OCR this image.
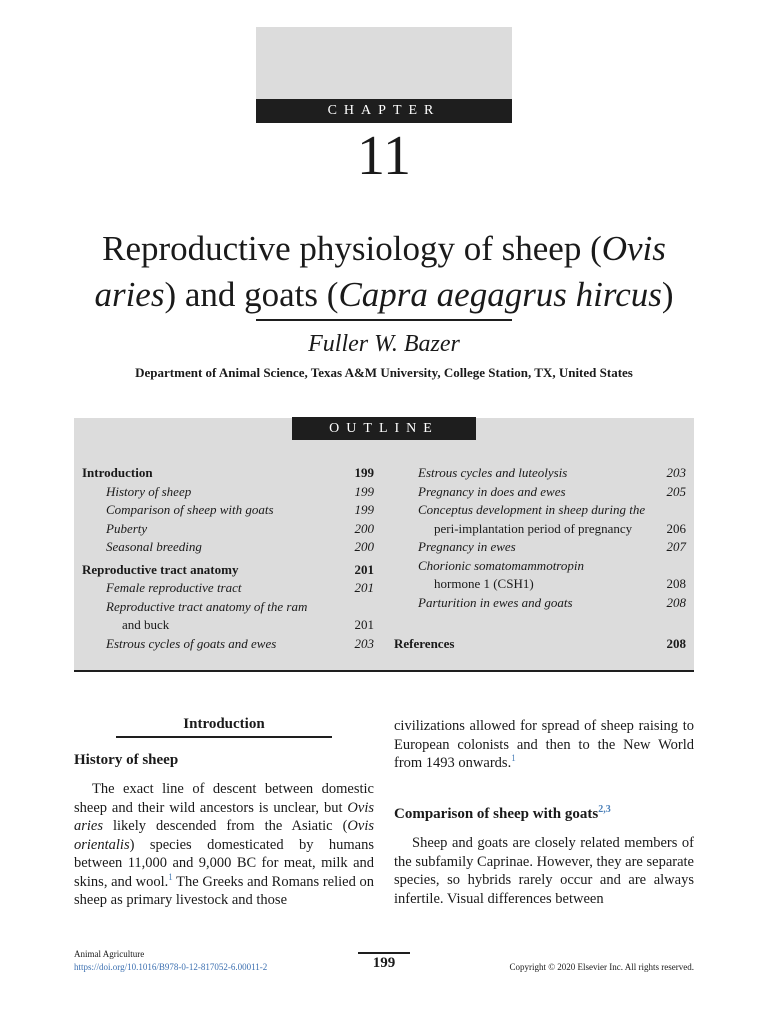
CHAPTER
11
Reproductive physiology of sheep (Ovis aries) and goats (Capra aegagrus hircus)
Fuller W. Bazer
Department of Animal Science, Texas A&M University, College Station, TX, United States
OUTLINE
Introduction	199
History of sheep	199
Comparison of sheep with goats	199
Puberty	200
Seasonal breeding	200
Reproductive tract anatomy	201
Female reproductive tract	201
Reproductive tract anatomy of the ram
and buck	201
Estrous cycles of goats and ewes	203
Estrous cycles and luteolysis	203
Pregnancy in does and ewes	205
Conceptus development in sheep during the
peri-implantation period of pregnancy	206
Pregnancy in ewes	207
Chorionic somatomammotropin
hormone 1 (CSH1)	208
Parturition in ewes and goats	208
References	208
Introduction
History of sheep

The exact line of descent between domestic sheep and their wild ancestors is unclear, but Ovis aries likely descended from the Asiatic (Ovis orientalis) species domesticated by humans between 11,000 and 9,000 BC for meat, milk and skins, and wool.$^1$ The Greeks and Romans relied on sheep as primary livestock and those

civilizations allowed for spread of sheep raising to European colonists and then to the New World from 1493 onwards.$^1$

Comparison of sheep with goats$^{2,3}$

Sheep and goats are closely related members of the subfamily Caprinae. However, they are separate species, so hybrids rarely occur and are always infertile. Visual differences between

Animal Agriculture
https://doi.org/10.1016/B978-0-12-817052-6.00011-2	199	Copyright © 2020 Elsevier Inc. All rights reserved.
